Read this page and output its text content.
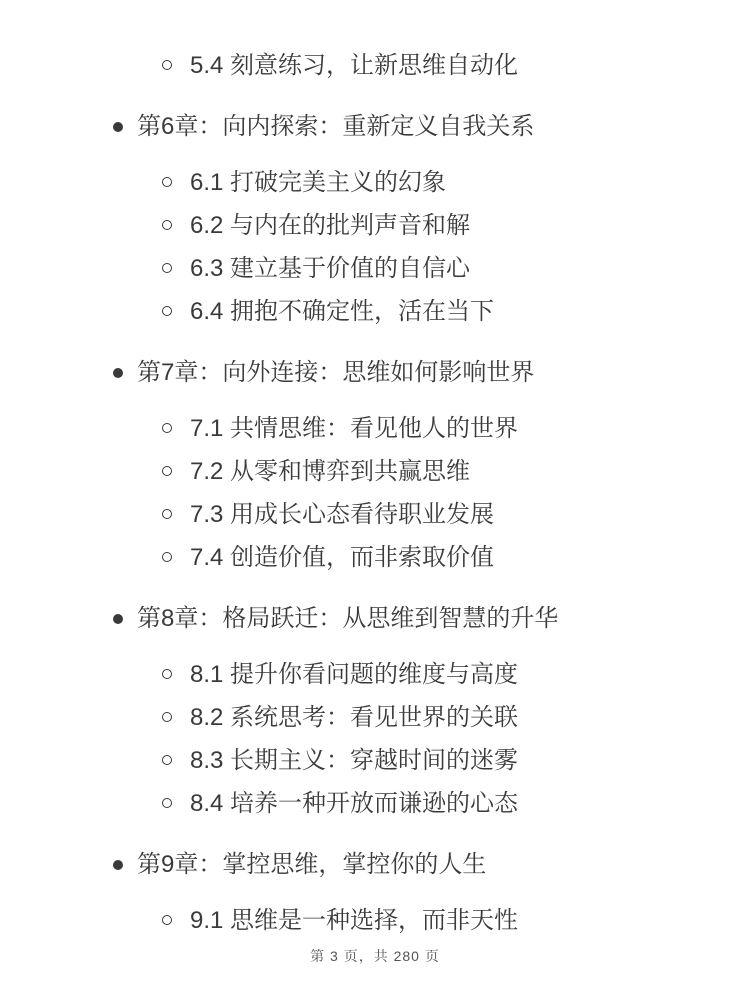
5.4 刻意练习，让新思维自动化
第6章：向内探索：重新定义自我关系
6.1 打破完美主义的幻象
6.2 与内在的批判声音和解
6.3 建立基于价值的自信心
6.4 拥抱不确定性，活在当下
第7章：向外连接：思维如何影响世界
7.1 共情思维：看见他人的世界
7.2 从零和博弈到共赢思维
7.3 用成长心态看待职业发展
7.4 创造价值，而非索取价值
第8章：格局跃迁：从思维到智慧的升华
8.1 提升你看问题的维度与高度
8.2 系统思考：看见世界的关联
8.3 长期主义：穿越时间的迷雾
8.4 培养一种开放而谦逊的心态
第9章：掌控思维，掌控你的人生
9.1 思维是一种选择，而非天性
第 3 页，共 280 页
